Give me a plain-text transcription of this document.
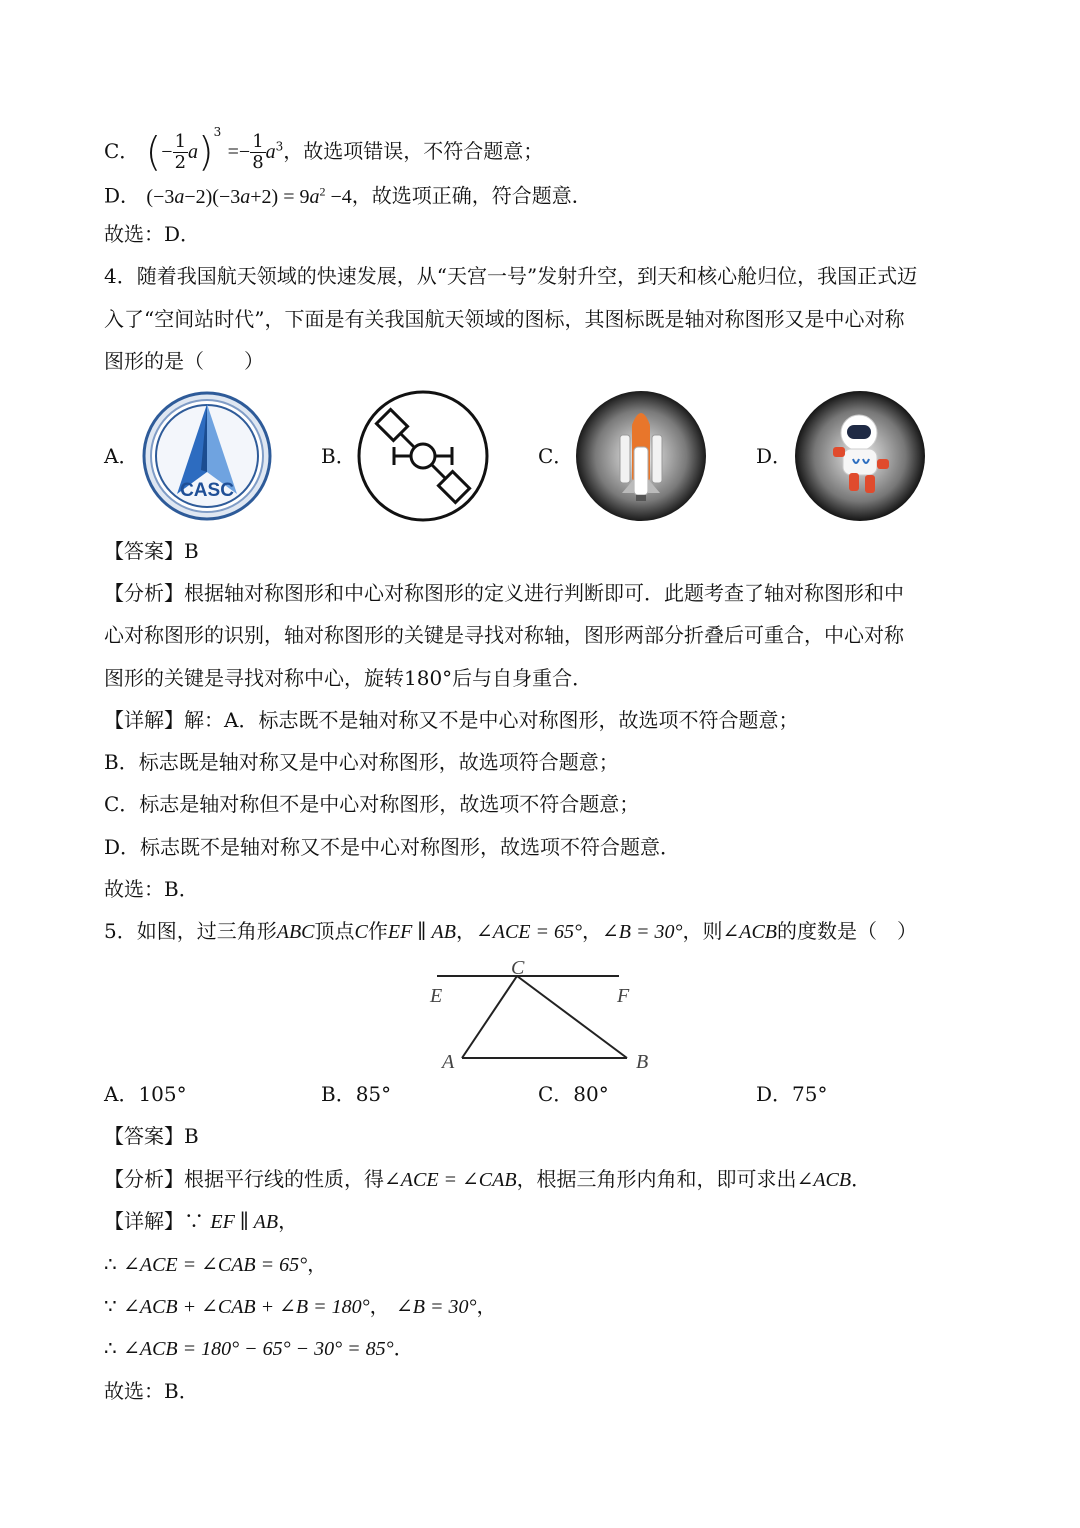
C． (− $\frac{1}{2} a)^3 =- \frac{1}{8} a^3$，故选项错误，不符合题意；
D． $(-3a-2)(-3a+2) = 9a^2 -4$，故选项正确，符合题意．
故选：D．
4．随着我国航天领域的快速发展，从“天宫一号”发射升空，到天和核心舱归位，我国正式迈
入了“空间站时代”，下面是有关我国航天领域的图标，其图标既是轴对称图形又是中心对称
图形的是（　　）
A．
CASC
B．	C．	D．
【答案】B
【分析】根据轴对称图形和中心对称图形的定义进行判断即可．此题考查了轴对称图形和中
心对称图形的识别，轴对称图形的关键是寻找对称轴，图形两部分折叠后可重合，中心对称
图形的关键是寻找对称中心，旋转180°后与自身重合．
【详解】解：A．标志既不是轴对称又不是中心对称图形，故选项不符合题意；
B．标志既是轴对称又是中心对称图形，故选项符合题意；
C．标志是轴对称但不是中心对称图形，故选项不符合题意；
D．标志既不是轴对称又不是中心对称图形，故选项不符合题意．
故选：B．
5．如图，过三角形ABC顶点C作EF ∥ AB，∠ACE = 65°，∠B = 30°，则∠ACB的度数是（　）
C
E	F
A	B
A．105°	B．85°	C．80°	D．75°
【答案】B
【分析】根据平行线的性质，得∠ACE = ∠CAB，根据三角形内角和，即可求出∠ACB．
【详解】∵ EF ∥ AB，
∴ ∠ACE = ∠CAB = 65°，
∵ ∠ACB + ∠CAB + ∠B = 180°， ∠B = 30°，
∴ ∠ACB = 180° − 65° − 30° = 85°．
故选：B．
